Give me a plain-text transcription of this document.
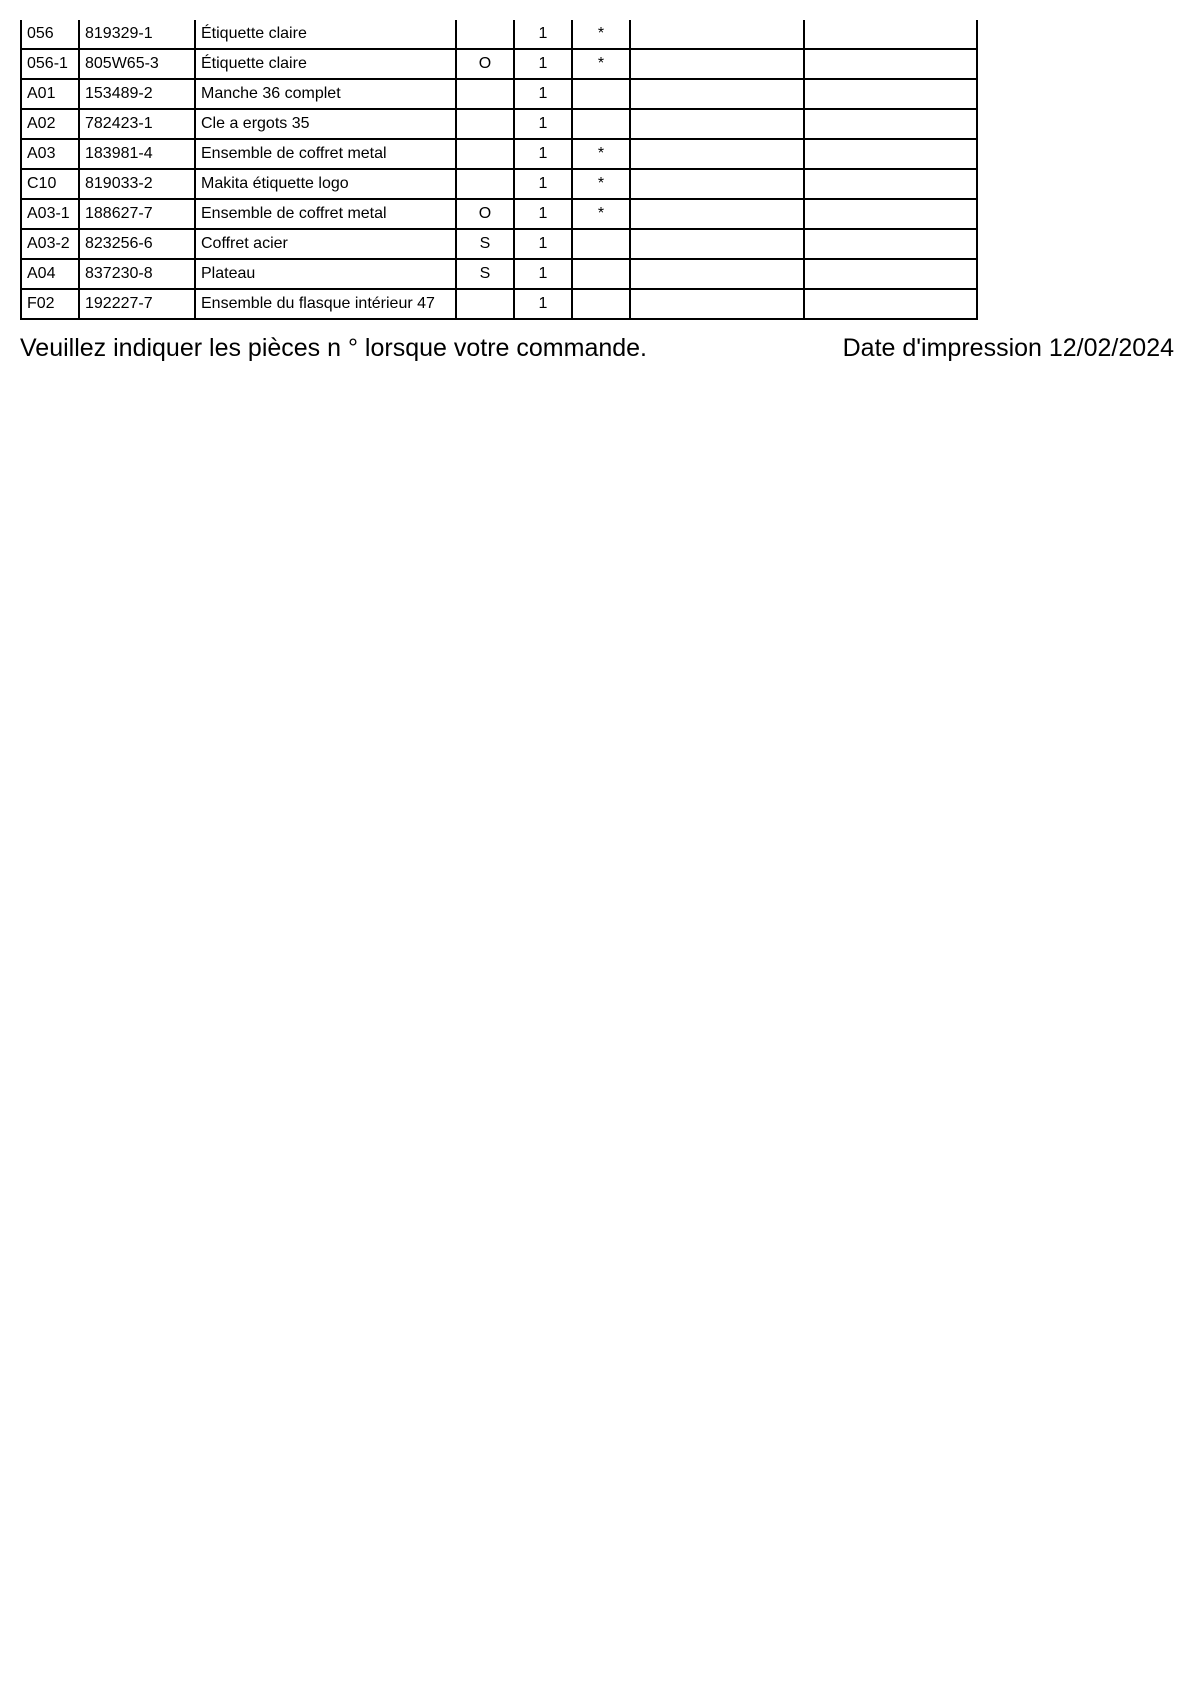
056	819329-1	Étiquette claire		1	*		
056-1	805W65-3	Étiquette claire	O	1	*		
A01	153489-2	Manche 36 complet		1			
A02	782423-1	Cle a ergots 35		1			
A03	183981-4	Ensemble de coffret metal		1	*		
C10	819033-2	Makita étiquette logo		1	*		
A03-1	188627-7	Ensemble de coffret metal	O	1	*		
A03-2	823256-6	Coffret acier	S	1			
A04	837230-8	Plateau	S	1			
F02	192227-7	Ensemble du flasque intérieur 47		1			
Veuillez indiquer les pièces n ° lorsque votre commande.	Date d'impression 12/02/2024
